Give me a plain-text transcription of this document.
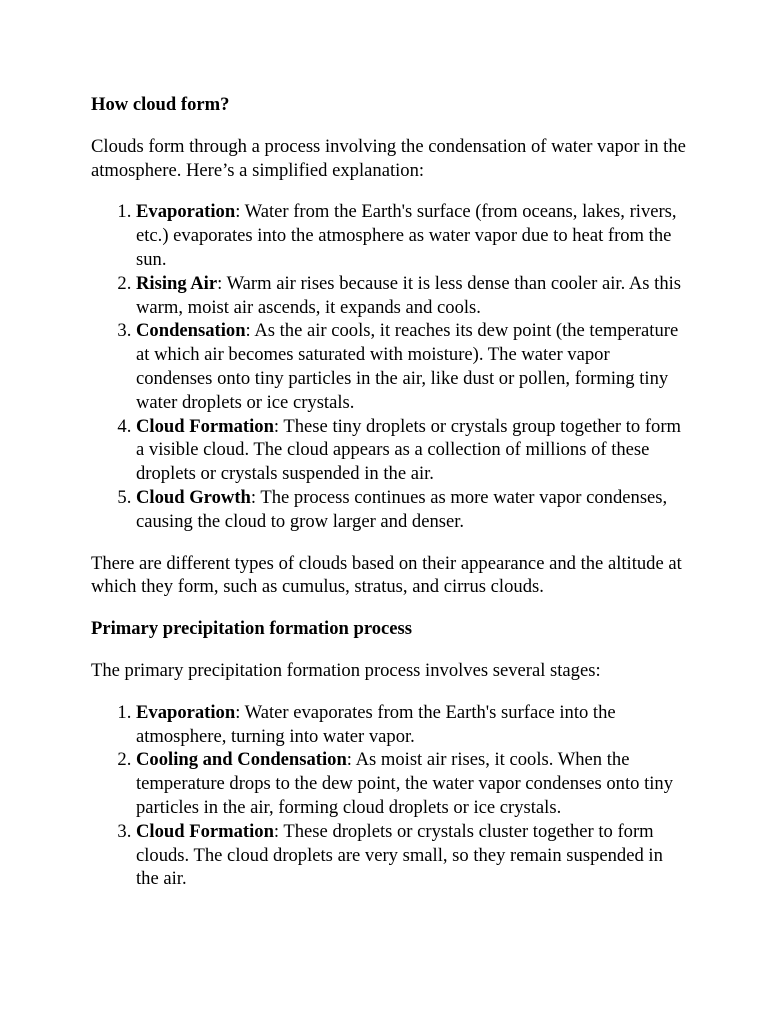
How cloud form?

Clouds form through a process involving the condensation of water vapor in the atmosphere. Here’s a simplified explanation:

1. Evaporation: Water from the Earth's surface (from oceans, lakes, rivers, etc.) evaporates into the atmosphere as water vapor due to heat from the sun.
2. Rising Air: Warm air rises because it is less dense than cooler air. As this warm, moist air ascends, it expands and cools.
3. Condensation: As the air cools, it reaches its dew point (the temperature at which air becomes saturated with moisture). The water vapor condenses onto tiny particles in the air, like dust or pollen, forming tiny water droplets or ice crystals.
4. Cloud Formation: These tiny droplets or crystals group together to form a visible cloud. The cloud appears as a collection of millions of these droplets or crystals suspended in the air.
5. Cloud Growth: The process continues as more water vapor condenses, causing the cloud to grow larger and denser.

There are different types of clouds based on their appearance and the altitude at which they form, such as cumulus, stratus, and cirrus clouds.

Primary precipitation formation process

The primary precipitation formation process involves several stages:

1. Evaporation: Water evaporates from the Earth's surface into the atmosphere, turning into water vapor.
2. Cooling and Condensation: As moist air rises, it cools. When the temperature drops to the dew point, the water vapor condenses onto tiny particles in the air, forming cloud droplets or ice crystals.
3. Cloud Formation: These droplets or crystals cluster together to form clouds. The cloud droplets are very small, so they remain suspended in the air.
